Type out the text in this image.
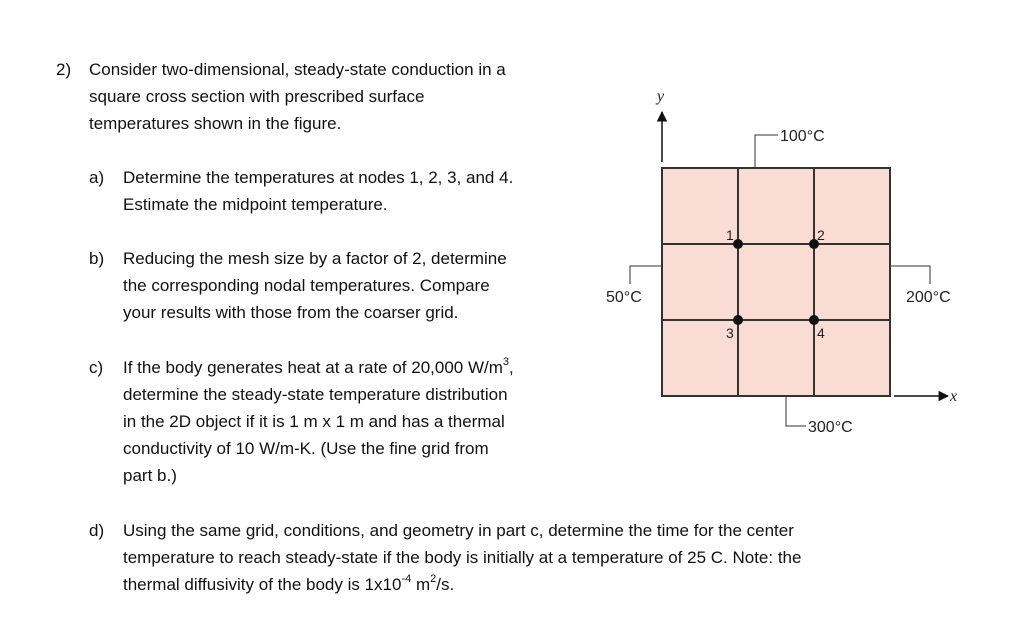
2) Consider two-dimensional, steady-state conduction in a
square cross section with prescribed surface
temperatures shown in the figure.
a) Determine the temperatures at nodes 1, 2, 3, and 4.
Estimate the midpoint temperature.
b) Reducing the mesh size by a factor of 2, determine
the corresponding nodal temperatures. Compare
your results with those from the coarser grid.
c) If the body generates heat at a rate of 20,000 $W/m^3$,
determine the steady-state temperature distribution
in the 2D object if it is 1 m x 1 m and has a thermal
conductivity of 10 W/m-K. (Use the fine grid from
part b.)
d) Using the same grid, conditions, and geometry in part c, determine the time for the center
temperature to reach steady-state if the body is initially at a temperature of 25 C. Note: the
thermal diffusivity of the body is $1x10^{-4}$ $m^2/s$.
1	2
3	4
y
x
100°C
50°C	200°C
300°C
